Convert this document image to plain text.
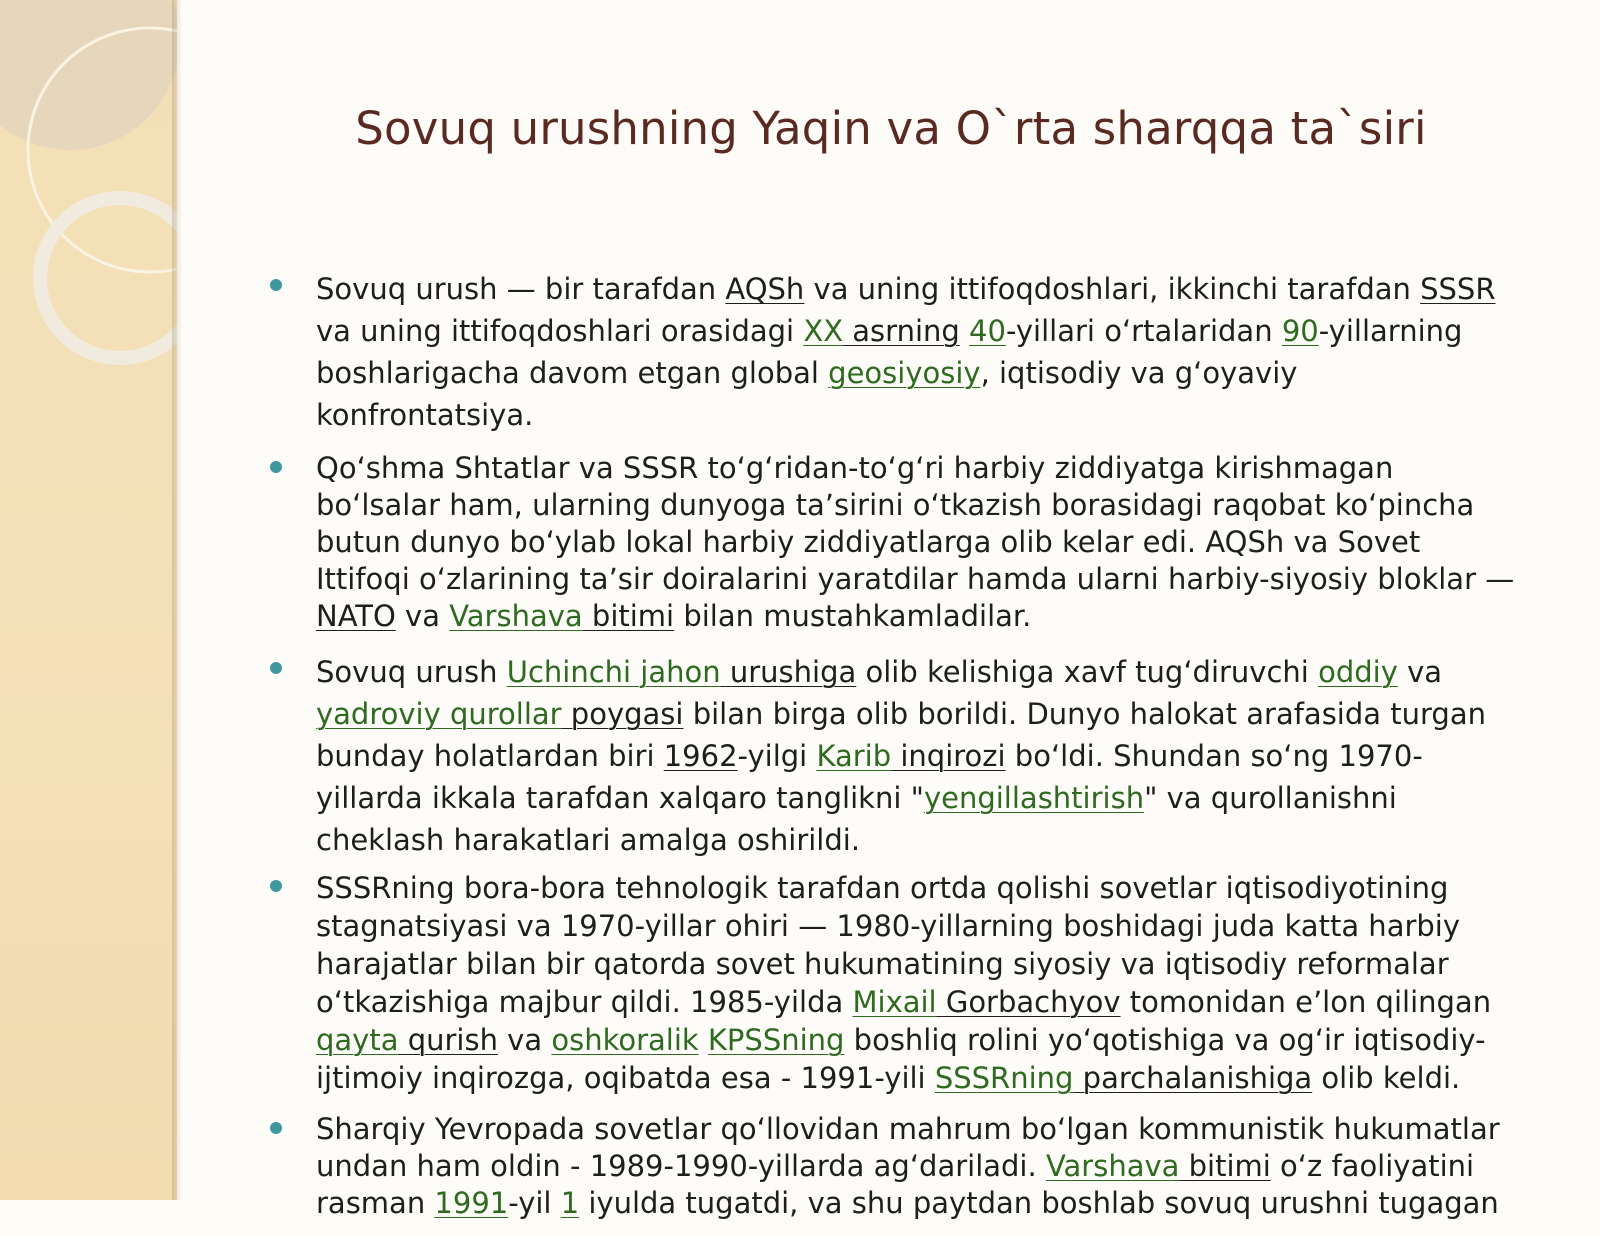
Sovuq urushning Yaqin va O`rta sharqqa ta`siri
Sovuq urush — bir tarafdan AQSh va uning ittifoqdoshlari, ikkinchi tarafdan SSSR va uning ittifoqdoshlari orasidagi XX asrning 40-yillari oʻrtalaridan 90-yillarning boshlarigacha davom etgan global geosiyosiy, iqtisodiy va gʻoyaviy konfrontatsiya.
Qoʻshma Shtatlar va SSSR toʻgʻridan-toʻgʻri harbiy ziddiyatga kirishmagan boʻlsalar ham, ularning dunyoga taʼsirini oʻtkazish borasidagi raqobat koʻpincha butun dunyo boʻylab lokal harbiy ziddiyatlarga olib kelar edi. AQSh va Sovet Ittifoqi oʻzlarining taʼsir doiralarini yaratdilar hamda ularni harbiy-siyosiy bloklar — NATO va Varshava bitimi bilan mustahkamladilar.
Sovuq urush Uchinchi jahon urushiga olib kelishiga xavf tugʻdiruvchi oddiy va yadroviy qurollar poygasi bilan birga olib borildi. Dunyo halokat arafasida turgan bunday holatlardan biri 1962-yilgi Karib inqirozi boʻldi. Shundan soʻng 1970-yillarda ikkala tarafdan xalqaro tanglikni "yengillashtirish" va qurollanishni cheklash harakatlari amalga oshirildi.
SSSRning bora-bora tehnologik tarafdan ortda qolishi sovetlar iqtisodiyotining stagnatsiyasi va 1970-yillar ohiri — 1980-yillarning boshidagi juda katta harbiy harajatlar bilan bir qatorda sovet hukumatining siyosiy va iqtisodiy reformalar oʻtkazishiga majbur qildi. 1985-yilda Mixail Gorbachyov tomonidan eʼlon qilingan qayta qurish va oshkoralik KPSSning boshliq rolini yoʻqotishiga va ogʻir iqtisodiy-ijtimoiy inqirozga, oqibatda esa - 1991-yili SSSRning parchalanishiga olib keldi.
Sharqiy Yevropada sovetlar qoʻllovidan mahrum boʻlgan kommunistik hukumatlar undan ham oldin - 1989-1990-yillarda agʻdariladi. Varshava bitimi oʻz faoliyatini rasman 1991-yil 1 iyulda tugatdi, va shu paytdan boshlab sovuq urushni tugagan
